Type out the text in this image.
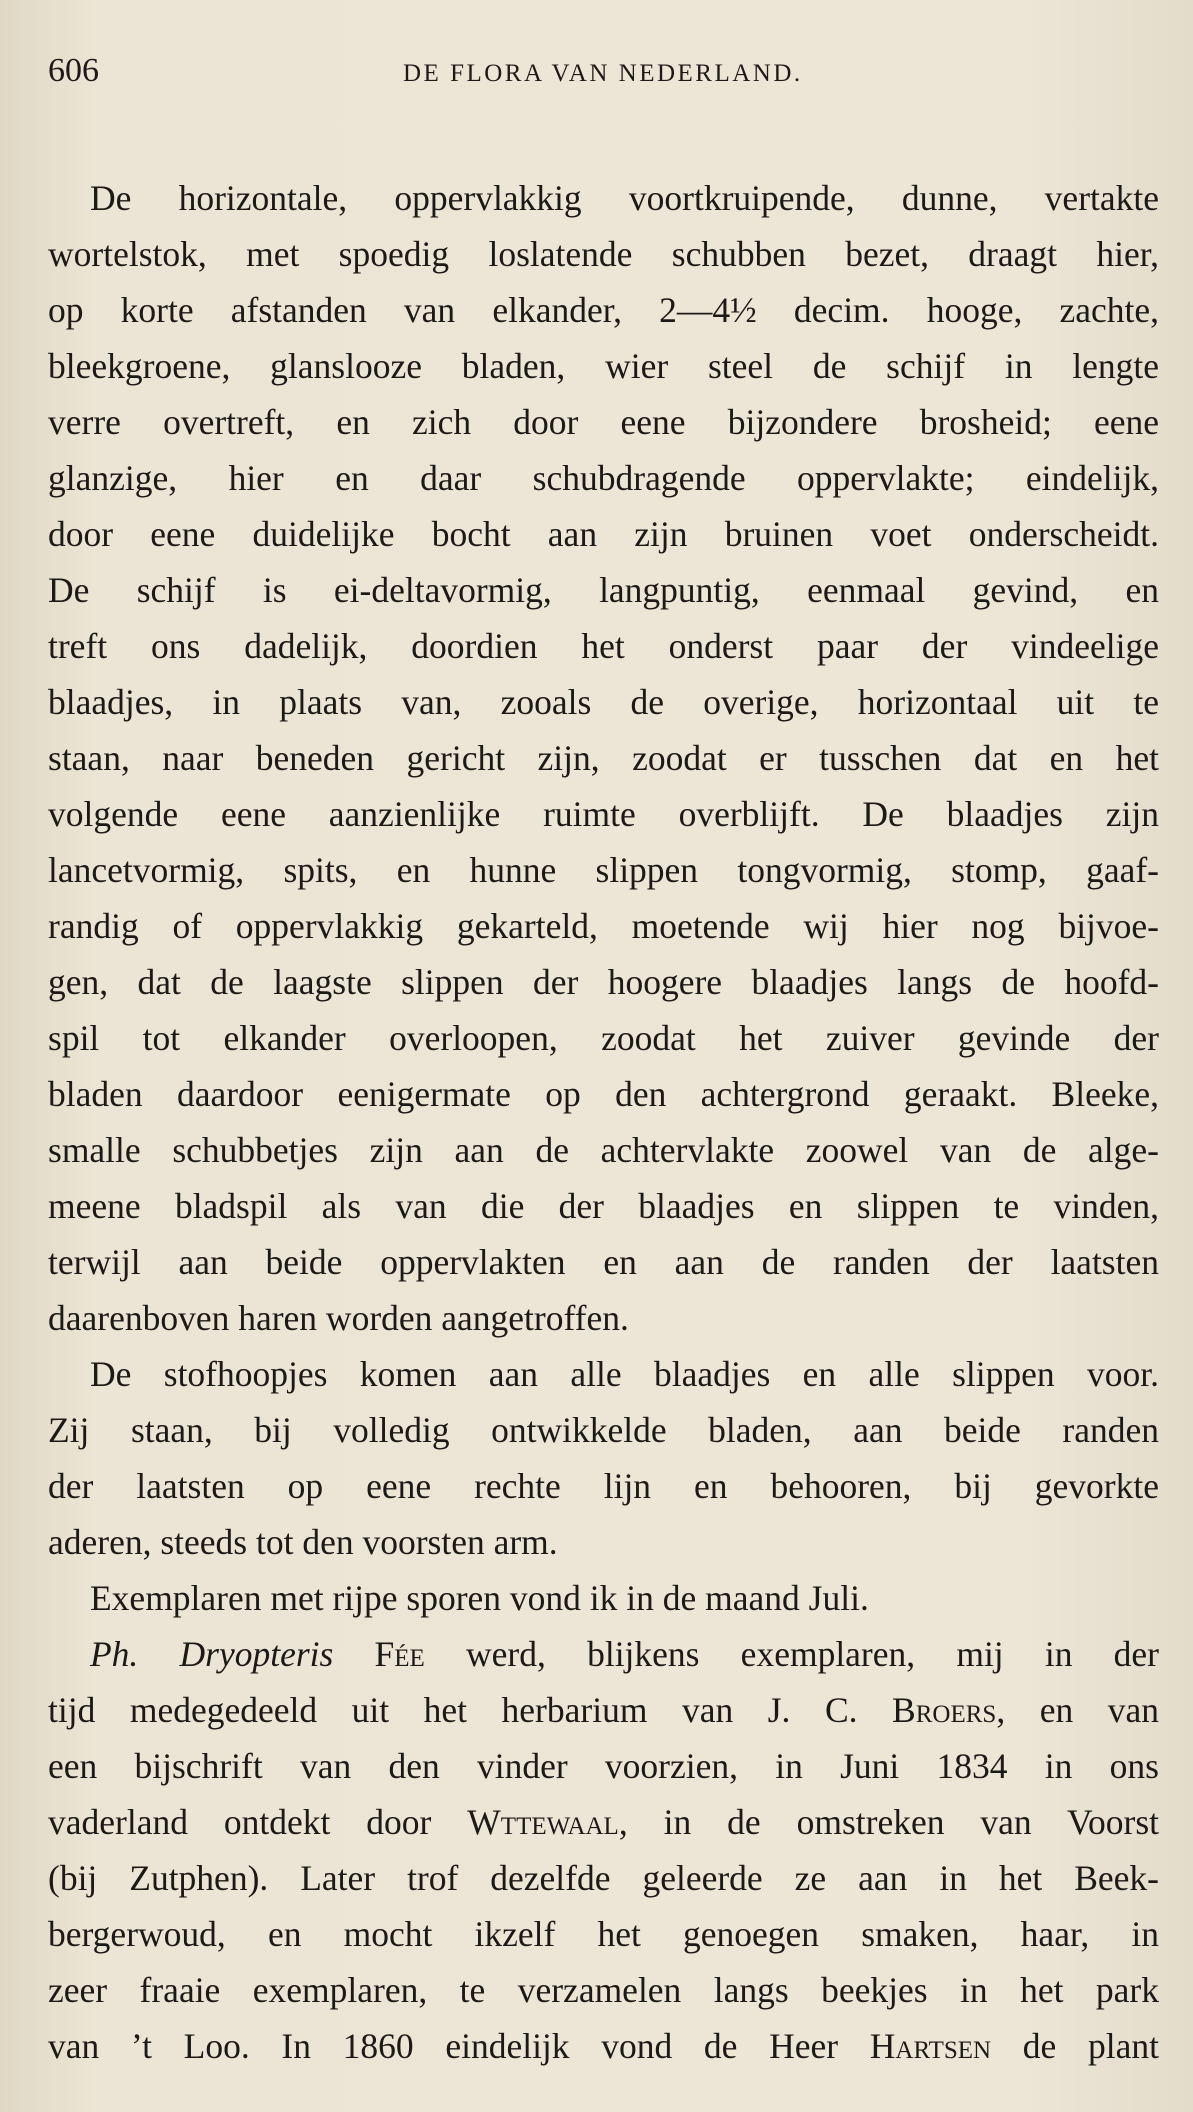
606	DE FLORA VAN NEDERLAND.
De horizontale, oppervlakkig voortkruipende, dunne, vertakte
wortelstok, met spoedig loslatende schubben bezet, draagt hier,
op korte afstanden van elkander, 2—4½ decim. hooge, zachte,
bleekgroene, glanslooze bladen, wier steel de schijf in lengte
verre overtreft, en zich door eene bijzondere brosheid; eene
glanzige, hier en daar schubdragende oppervlakte; eindelijk,
door eene duidelijke bocht aan zijn bruinen voet onderscheidt.
De schijf is ei-deltavormig, langpuntig, eenmaal gevind, en
treft ons dadelijk, doordien het onderst paar der vindeelige
blaadjes, in plaats van, zooals de overige, horizontaal uit te
staan, naar beneden gericht zijn, zoodat er tusschen dat en het
volgende eene aanzienlijke ruimte overblijft. De blaadjes zijn
lancetvormig, spits, en hunne slippen tongvormig, stomp, gaaf-
randig of oppervlakkig gekarteld, moetende wij hier nog bijvoe-
gen, dat de laagste slippen der hoogere blaadjes langs de hoofd-
spil tot elkander overloopen, zoodat het zuiver gevinde der
bladen daardoor eenigermate op den achtergrond geraakt. Bleeke,
smalle schubbetjes zijn aan de achtervlakte zoowel van de alge-
meene bladspil als van die der blaadjes en slippen te vinden,
terwijl aan beide oppervlakten en aan de randen der laatsten
daarenboven haren worden aangetroffen.
De stofhoopjes komen aan alle blaadjes en alle slippen voor.
Zij staan, bij volledig ontwikkelde bladen, aan beide randen
der laatsten op eene rechte lijn en behooren, bij gevorkte
aderen, steeds tot den voorsten arm.
Exemplaren met rijpe sporen vond ik in de maand Juli.
Ph. Dryopteris Fée werd, blijkens exemplaren, mij in der
tijd medegedeeld uit het herbarium van J. C. Broers, en van
een bijschrift van den vinder voorzien, in Juni 1834 in ons
vaderland ontdekt door Wttewaal, in de omstreken van Voorst
(bij Zutphen). Later trof dezelfde geleerde ze aan in het Beek-
bergerwoud, en mocht ikzelf het genoegen smaken, haar, in
zeer fraaie exemplaren, te verzamelen langs beekjes in het park
van ’t Loo. In 1860 eindelijk vond de Heer Hartsen de plant
